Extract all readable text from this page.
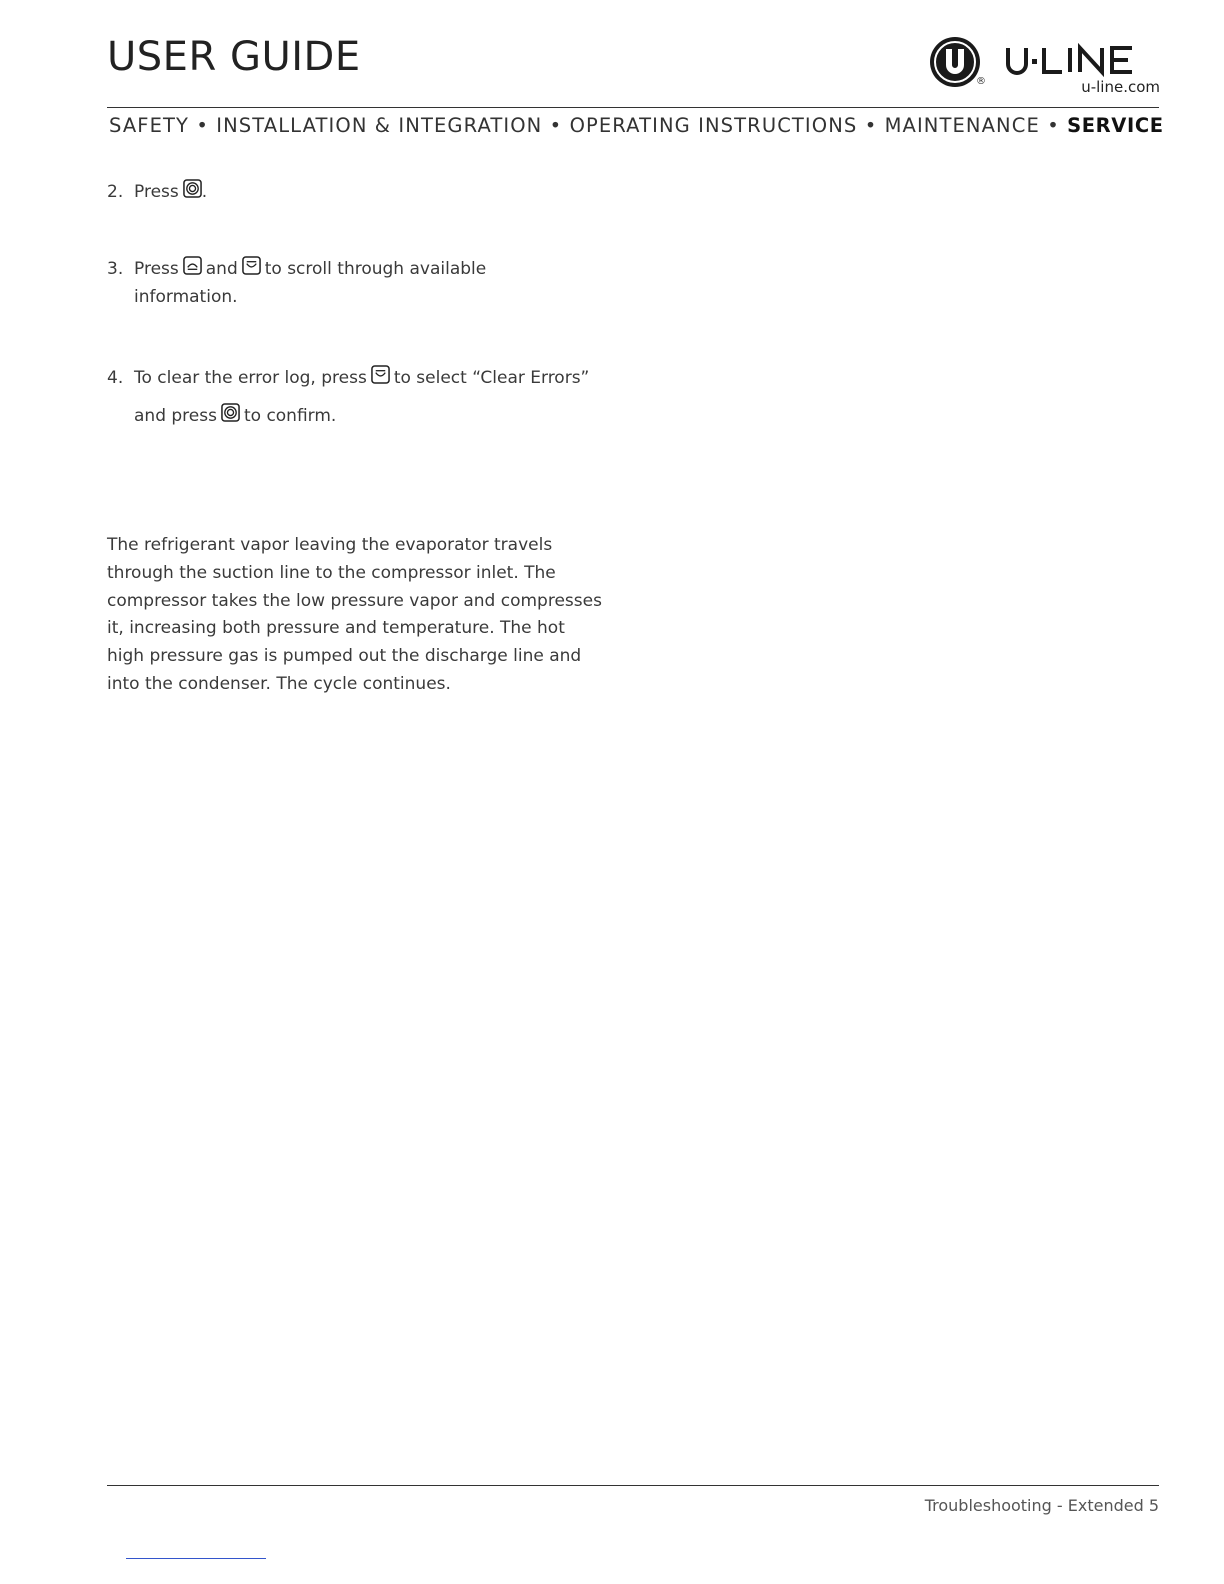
USER GUIDE
®	u-line.com
SAFETY • INSTALLATION & INTEGRATION • OPERATING INSTRUCTIONS • MAINTENANCE • SERVICE
2. Press .
3. Press and to scroll through available
information.
4. To clear the error log, press to select “Clear Errors”
and press to confirm.

The refrigerant vapor leaving the evaporator travels through the suction line to the compressor inlet. The compressor takes the low pressure vapor and compresses it, increasing both pressure and temperature. The hot high pressure gas is pumped out the discharge line and into the condenser. The cycle continues.

Troubleshooting - Extended 5
